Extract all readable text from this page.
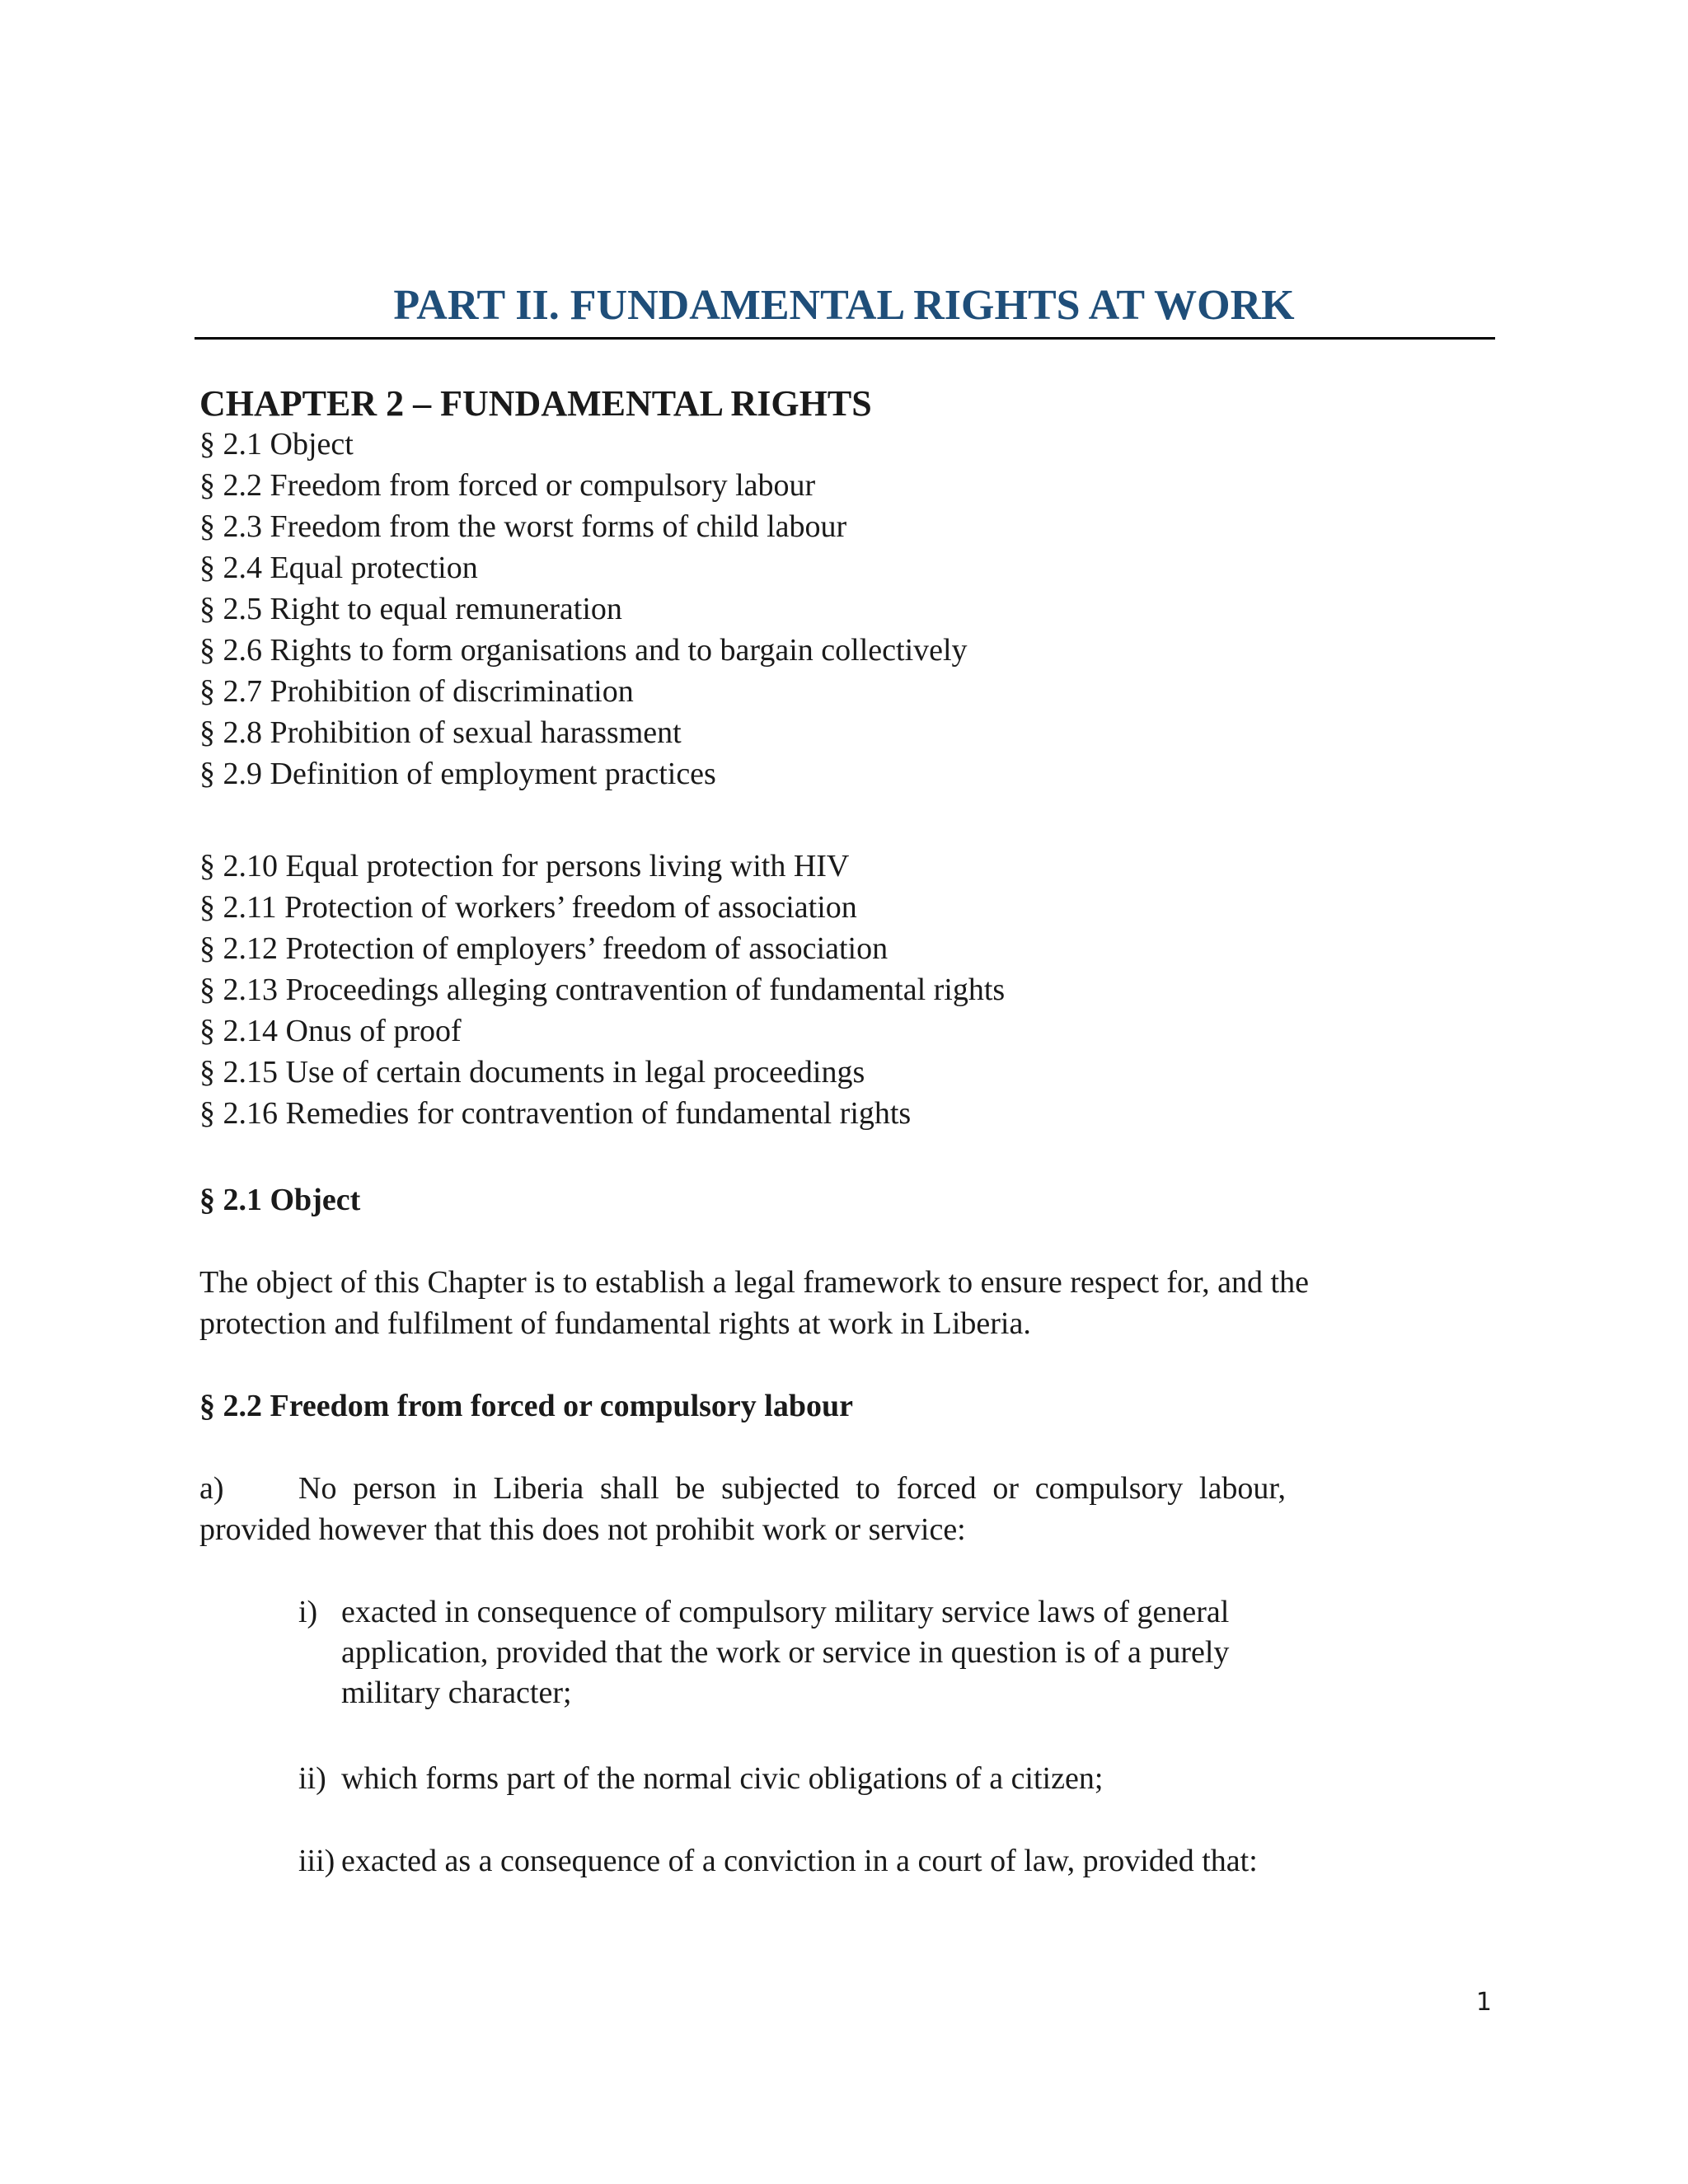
PART II. FUNDAMENTAL RIGHTS AT WORK
CHAPTER 2 – FUNDAMENTAL RIGHTS
§ 2.1 Object
§ 2.2 Freedom from forced or compulsory labour
§ 2.3 Freedom from the worst forms of child labour
§ 2.4 Equal protection
§ 2.5 Right to equal remuneration
§ 2.6 Rights to form organisations and to bargain collectively
§ 2.7 Prohibition of discrimination
§ 2.8 Prohibition of sexual harassment
§ 2.9 Definition of employment practices
§ 2.10 Equal protection for persons living with HIV
§ 2.11 Protection of workers’ freedom of association
§ 2.12 Protection of employers’ freedom of association
§ 2.13 Proceedings alleging contravention of fundamental rights
§ 2.14 Onus of proof
§ 2.15 Use of certain documents in legal proceedings
§ 2.16 Remedies for contravention of fundamental rights
§ 2.1 Object

The object of this Chapter is to establish a legal framework to ensure respect for, and the protection and fulfilment of fundamental rights at work in Liberia.

§ 2.2 Freedom from forced or compulsory labour

a) No person in Liberia shall be subjected to forced or compulsory labour, provided however that this does not prohibit work or service:

i) exacted in consequence of compulsory military service laws of general application, provided that the work or service in question is of a purely military character;
ii) which forms part of the normal civic obligations of a citizen;
iii) exacted as a consequence of a conviction in a court of law, provided that:
1
